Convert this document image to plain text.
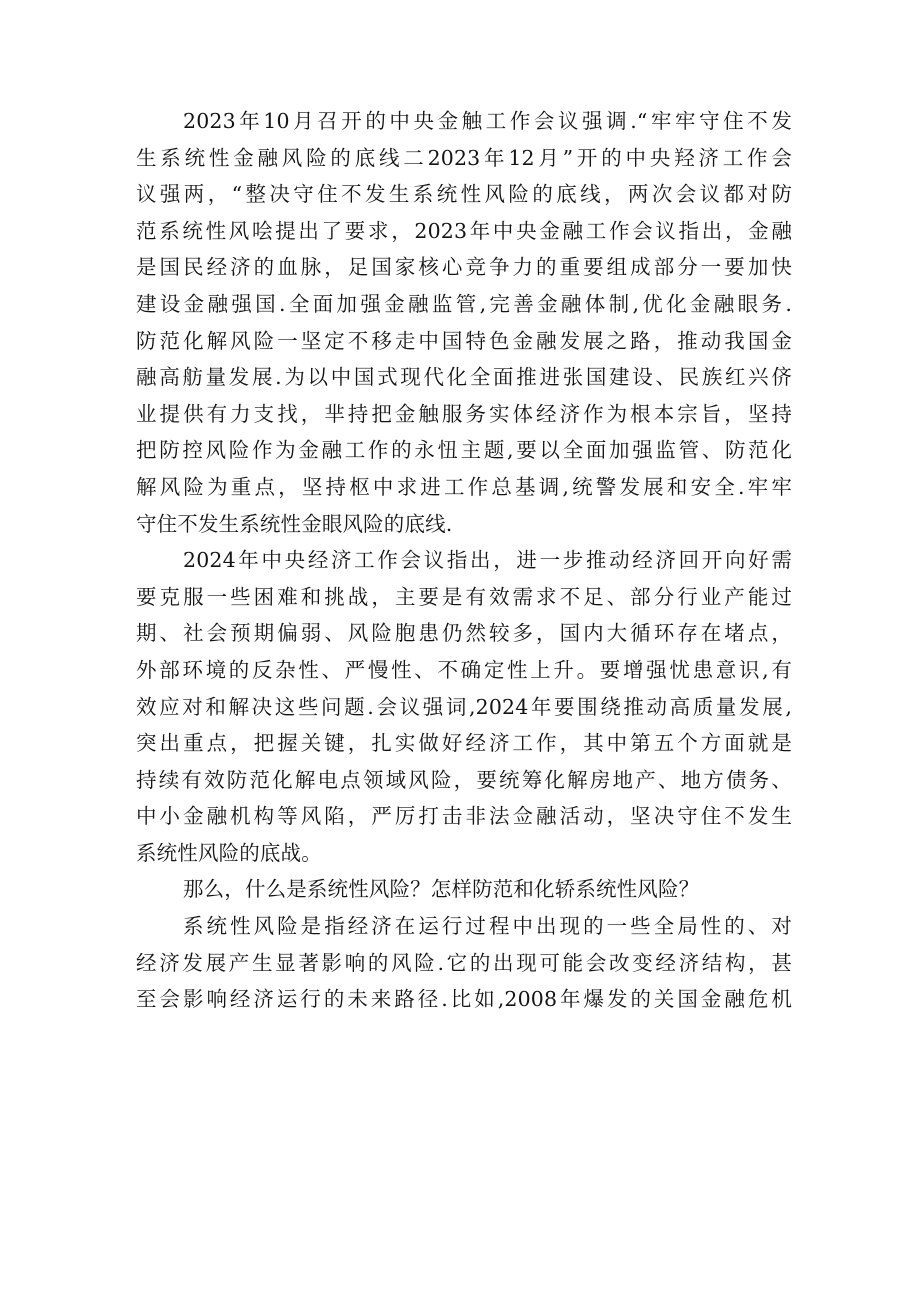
2023年10月召开的中央金触工作会议强调.“牢牢守住不发
生系统性金融风险的底线二2023年12月”开的中央羟济工作会
议强两，“整决守住不发生系统性风险的底线，两次会议都对防
范系统性风哙提出了要求，2023年中央金融工作会议指出，金融
是国民经济的血脉，足国家核心竞争力的重要组成部分一要加快
建设金融强国.全面加强金融监管,完善金融体制,优化金融眼务.
防范化解风险一坚定不移走中国特色金融发展之路，推动我国金
融高舫量发展.为以中国式现代化全面推进张国建设、民族红兴侪
业提供有力支找，芈持把金触服务实体经济作为根本宗旨，坚持
把防控风险作为金融工作的永忸主题,要以全面加强监管、防范化
解风险为重点，坚持枢中求进工作总基调,统警发展和安全.牢牢
守住不发生系统性金眼风险的底线.
2024年中央经济工作会议指出，进一步推动经济回开向好需
要克服一些困难和挑战，主要是有效需求不足、部分行业产能过
期、社会预期偏弱、风险胞患仍然较多，国内大循环存在堵点，
外部环境的反杂性、严慢性、不确定性上升。要增强忧患意识,有
效应对和解决这些问题.会议强词,2024年要围绕推动高质量发展,
突出重点，把握关键，扎实做好经济工作，其中第五个方面就是
持续有效防范化解电点领域风险，要统筹化解房地产、地方债务、
中小金融机构等风陷，严厉打击非法佥融活动，坚决守住不发生
系统性风险的底战。
那么，什么是系统性风险？怎样防范和化轿系统性风险？
系统性风险是指经济在运行过程中出现的一些全局性的、对
经济发展产生显著影响的风险.它的出现可能会改变经济结构，甚
至会影响经济运行的未来路径.比如,2008年爆发的关国金融危机
